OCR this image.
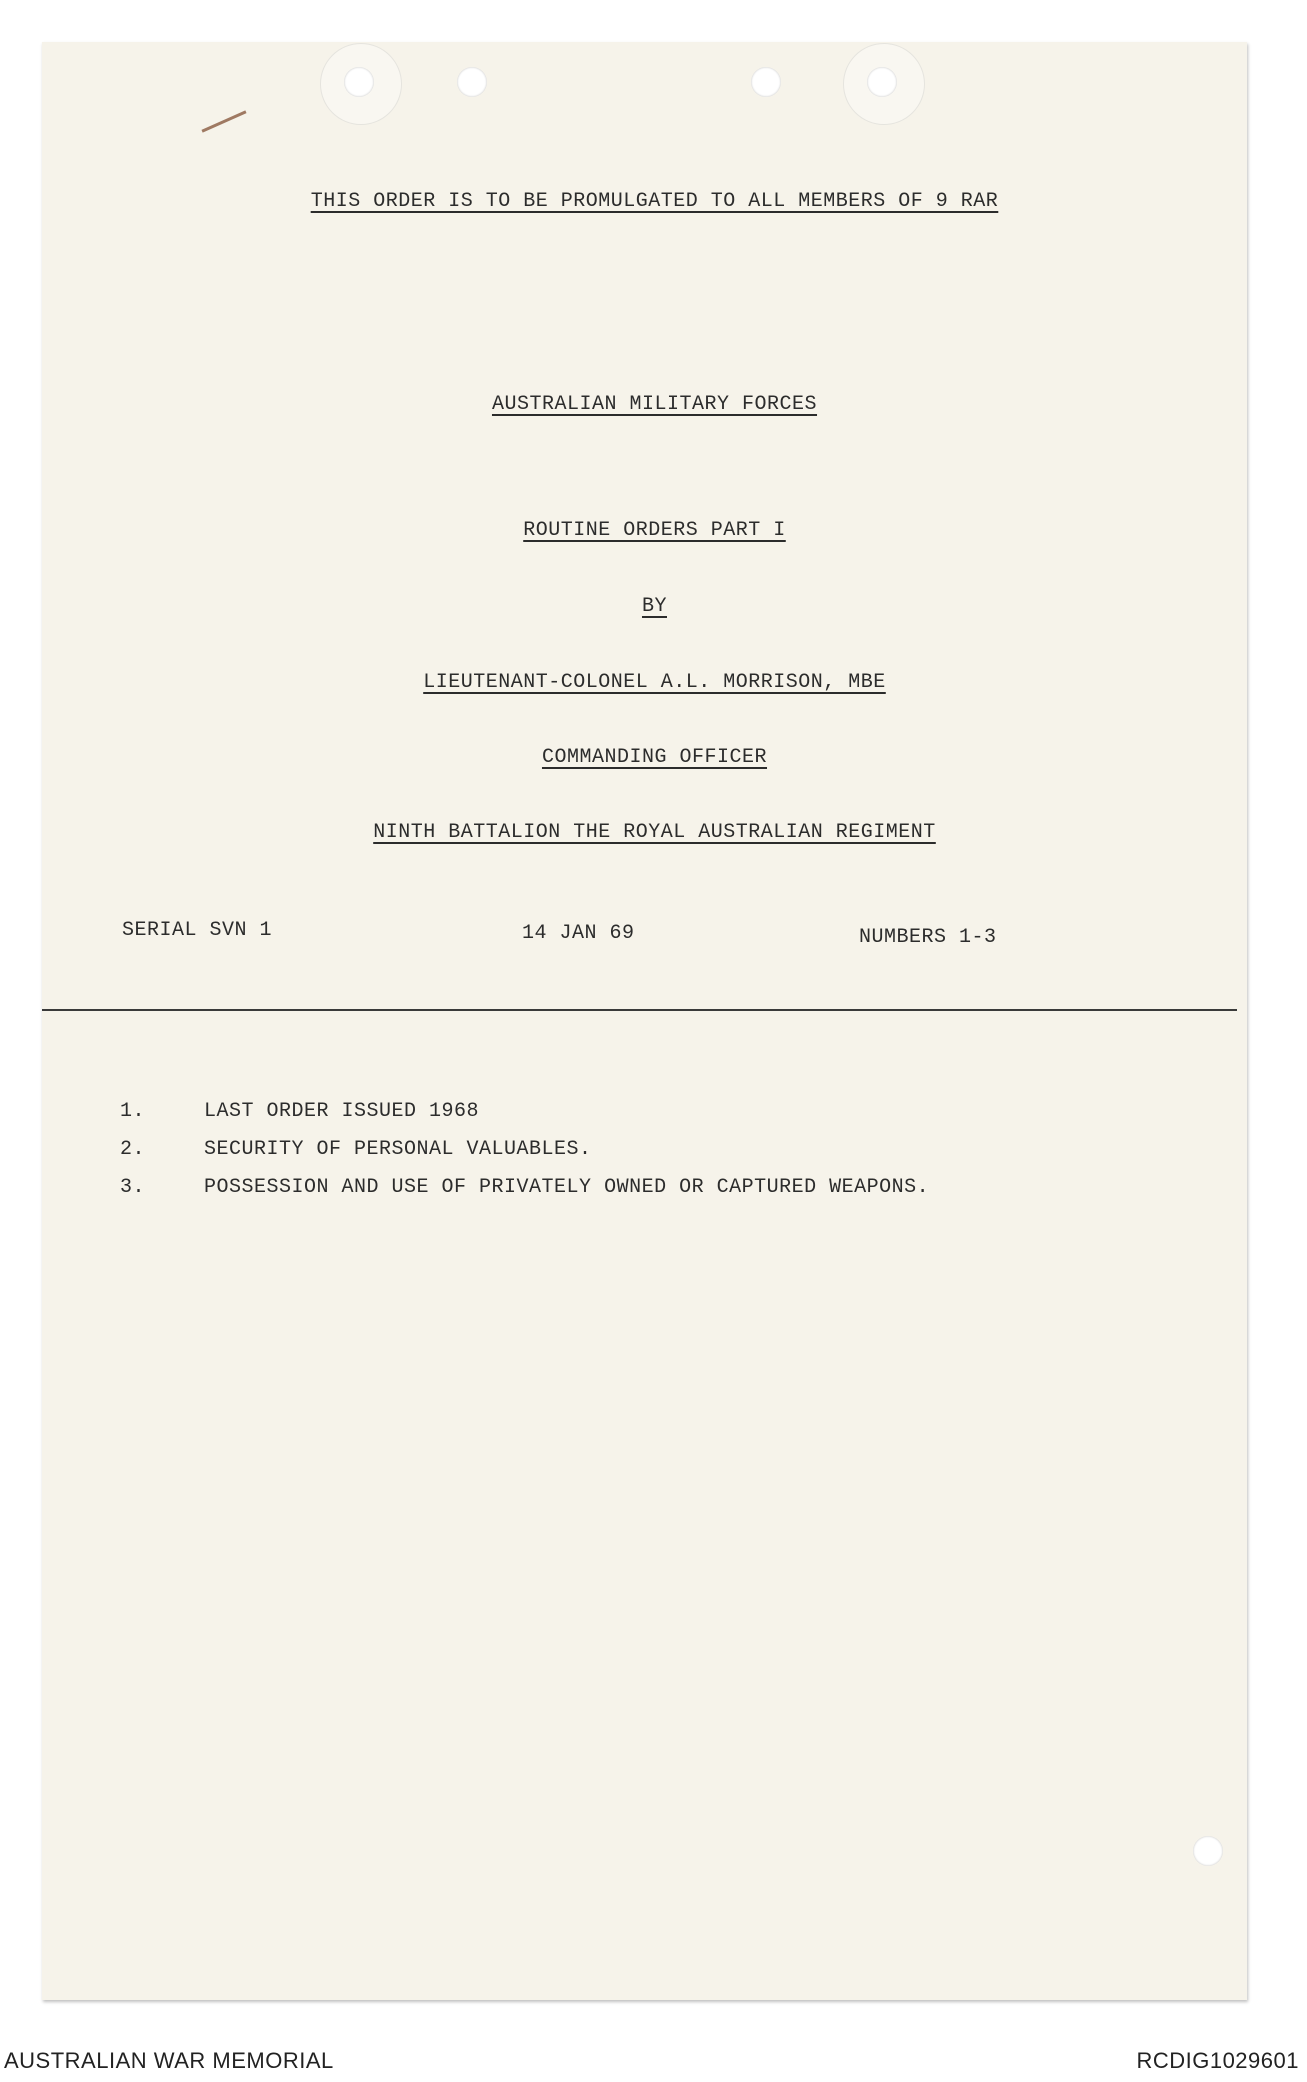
THIS ORDER IS TO BE PROMULGATED TO ALL MEMBERS OF 9 RAR
AUSTRALIAN MILITARY FORCES
ROUTINE ORDERS PART I
BY
LIEUTENANT-COLONEL A.L. MORRISON, MBE
COMMANDING OFFICER
NINTH BATTALION THE ROYAL AUSTRALIAN REGIMENT
SERIAL SVN 1	14 JAN 69	NUMBERS 1-3
1.	LAST ORDER ISSUED 1968
2.	SECURITY OF PERSONAL VALUABLES.
3.	POSSESSION AND USE OF PRIVATELY OWNED OR CAPTURED WEAPONS.
AUSTRALIAN WAR MEMORIAL	RCDIG1029601
